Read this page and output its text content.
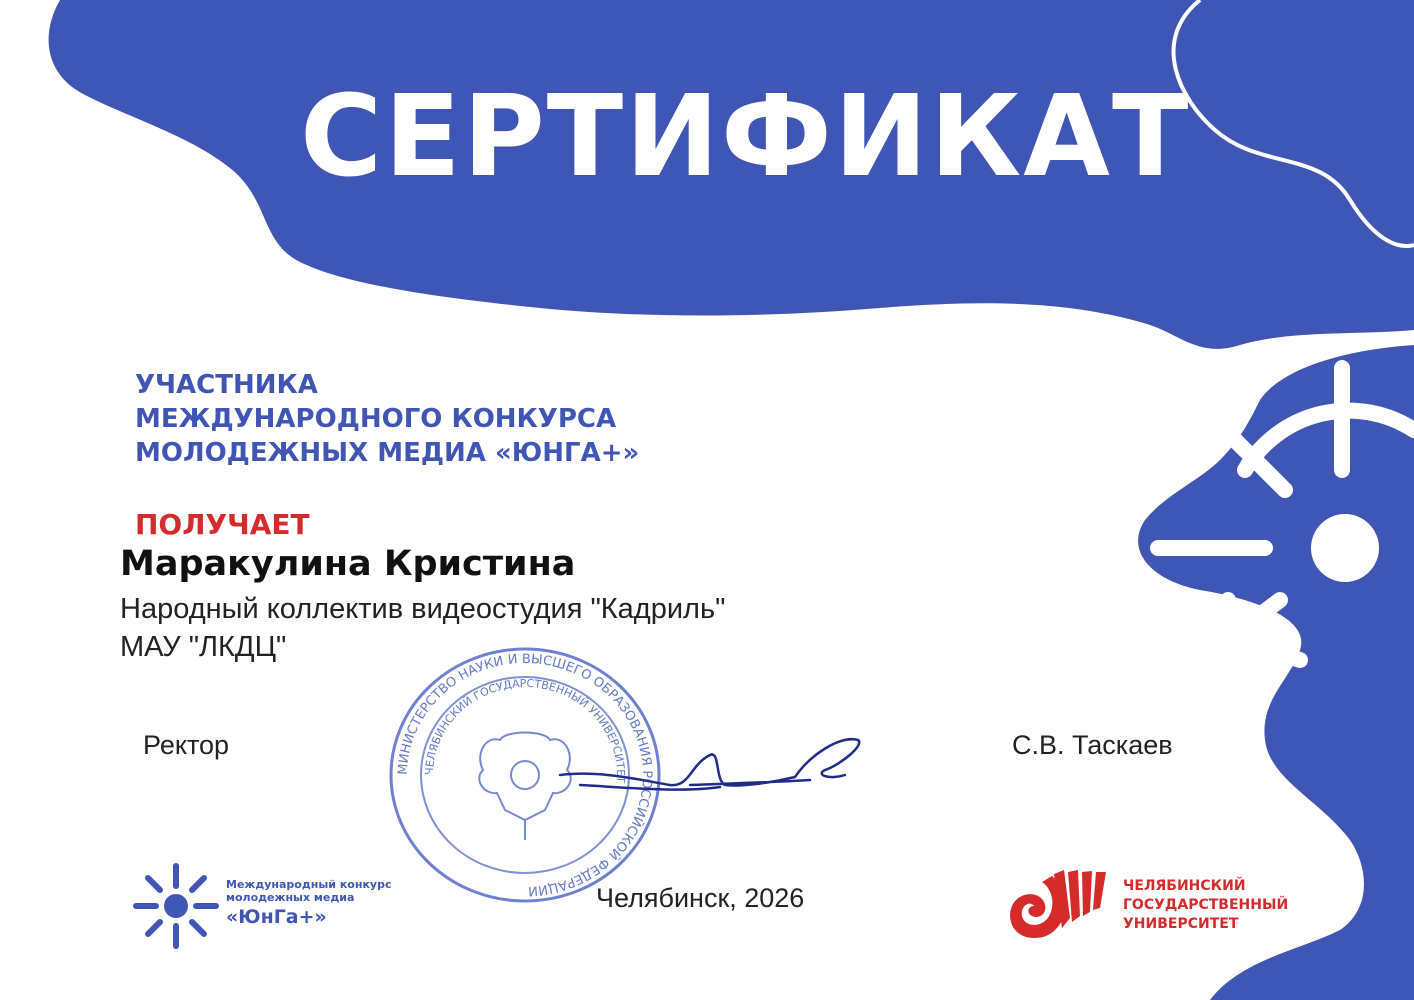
СЕРТИФИКАТ
УЧАСТНИКА
МЕЖДУНАРОДНОГО КОНКУРСА
МОЛОДЕЖНЫХ МЕДИА «ЮНГА+»
ПОЛУЧАЕТ
Маракулина Кристина
Народный коллектив видеостудия "Кадриль"
МАУ "ЛКДЦ"
МИНИСТЕРСТВО НАУКИ И ВЫСШЕГО ОБРАЗОВАНИЯ РОССИЙСКОЙ ФЕДЕРАЦИИ
ЧЕЛЯБИНСКИЙ ГОСУДАРСТВЕННЫЙ УНИВЕРСИТЕТ
Ректор	С.В. Таскаев
Челябинск, 2026
Международный конкурс
молодежных медиа
«ЮнГа+»
ЧЕЛЯБИНСКИЙ
ГОСУДАРСТВЕННЫЙ
УНИВЕРСИТЕТ
